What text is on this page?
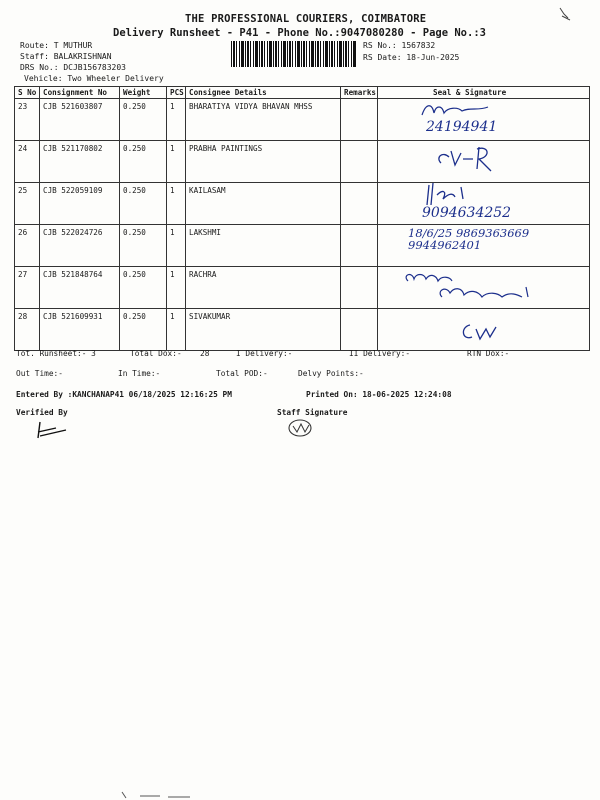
THE PROFESSIONAL COURIERS, COIMBATORE
Delivery Runsheet - P41 - Phone No.:9047080280 - Page No.:3
Route: T MUTHUR
Staff: BALAKRISHNAN
DRS No.: DCJB156783203
Vehicle: Two Wheeler Delivery
RS No.: 1567832
RS Date: 18-Jun-2025
S No	Consignment No	Weight	PCS	Consignee Details	Remarks	Seal & Signature
23	CJB 521603807	0.250	1	BHARATIYA VIDYA BHAVAN MHSS		24194941

24	CJB 521170802	0.250	1	PRABHA PAINTINGS		

25	CJB 522059109	0.250	1	KAILASAM		9094634252

26	CJB 522024726	0.250	1	LAKSHMI		18/6/25 9869363669 9944962401

27	CJB 521848764	0.250	1	RACHRA		

28	CJB 521609931	0.250	1	SIVAKUMAR		
Tot. Runsheet:- 3	Total Dox:- 28	I Delivery:-	II Delivery:-	RTN Dox:-
Out Time:-	In Time:-	Total POD:-	Delvy Points:-
Entered By :KANCHANAP41 06/18/2025 12:16:25 PM	Printed On: 18-06-2025 12:24:08
Verified By	Staff Signature
